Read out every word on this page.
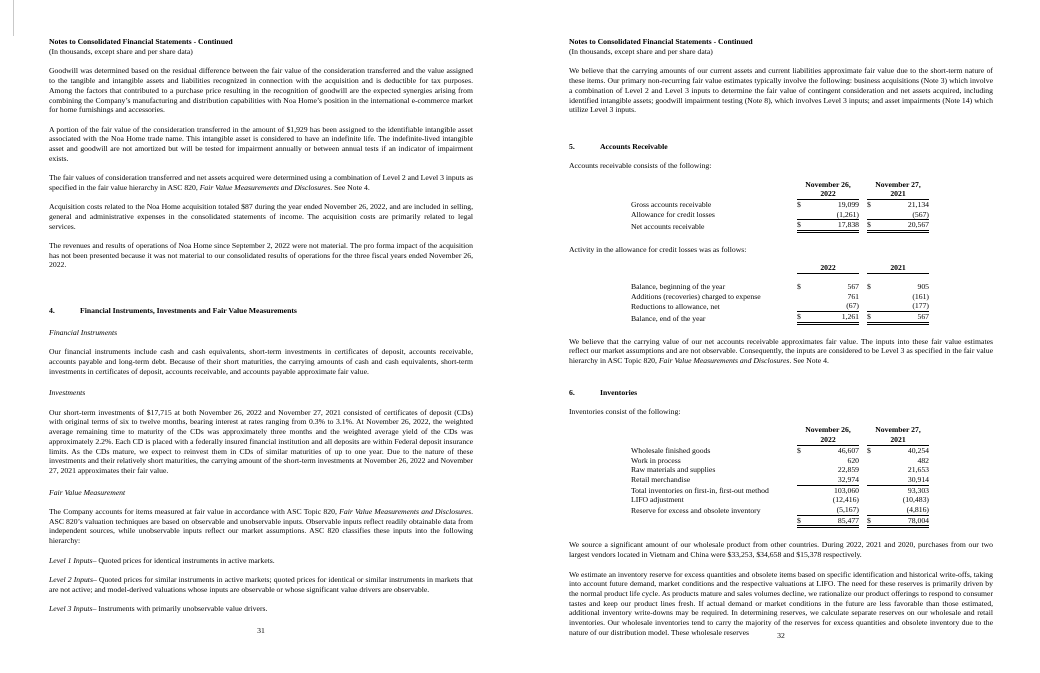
Notes to Consolidated Financial Statements - Continued
(In thousands, except share and per share data)

Goodwill was determined based on the residual difference between the fair value of the consideration transferred and the value assigned to the tangible and intangible assets and liabilities recognized in connection with the acquisition and is deductible for tax purposes. Among the factors that contributed to a purchase price resulting in the recognition of goodwill are the expected synergies arising from combining the Company’s manufacturing and distribution capabilities with Noa Home’s position in the international e-commerce market for home furnishings and accessories.

A portion of the fair value of the consideration transferred in the amount of $1,929 has been assigned to the identifiable intangible asset associated with the Noa Home trade name. This intangible asset is considered to have an indefinite life. The indefinite-lived intangible asset and goodwill are not amortized but will be tested for impairment annually or between annual tests if an indicator of impairment exists.

The fair values of consideration transferred and net assets acquired were determined using a combination of Level 2 and Level 3 inputs as specified in the fair value hierarchy in ASC 820, Fair Value Measurements and Disclosures. See Note 4.

Acquisition costs related to the Noa Home acquisition totaled $87 during the year ended November 26, 2022, and are included in selling, general and administrative expenses in the consolidated statements of income. The acquisition costs are primarily related to legal services.

The revenues and results of operations of Noa Home since September 2, 2022 were not material. The pro forma impact of the acquisition has not been presented because it was not material to our consolidated results of operations for the three fiscal years ended November 26, 2022.

4.	Financial Instruments, Investments and Fair Value Measurements

Financial Instruments

Our financial instruments include cash and cash equivalents, short-term investments in certificates of deposit, accounts receivable, accounts payable and long-term debt. Because of their short maturities, the carrying amounts of cash and cash equivalents, short-term investments in certificates of deposit, accounts receivable, and accounts payable approximate fair value.

Investments

Our short-term investments of $17,715 at both November 26, 2022 and November 27, 2021 consisted of certificates of deposit (CDs) with original terms of six to twelve months, bearing interest at rates ranging from 0.3% to 3.1%. At November 26, 2022, the weighted average remaining time to maturity of the CDs was approximately three months and the weighted average yield of the CDs was approximately 2.2%. Each CD is placed with a federally insured financial institution and all deposits are within Federal deposit insurance limits. As the CDs mature, we expect to reinvest them in CDs of similar maturities of up to one year. Due to the nature of these investments and their relatively short maturities, the carrying amount of the short-term investments at November 26, 2022 and November 27, 2021 approximates their fair value.

Fair Value Measurement

The Company accounts for items measured at fair value in accordance with ASC Topic 820, Fair Value Measurements and Disclosures. ASC 820’s valuation techniques are based on observable and unobservable inputs. Observable inputs reflect readily obtainable data from independent sources, while unobservable inputs reflect our market assumptions. ASC 820 classifies these inputs into the following hierarchy:

Level 1 Inputs– Quoted prices for identical instruments in active markets.

Level 2 Inputs– Quoted prices for similar instruments in active markets; quoted prices for identical or similar instruments in markets that are not active; and model-derived valuations whose inputs are observable or whose significant value drivers are observable.

Level 3 Inputs– Instruments with primarily unobservable value drivers.

31
Notes to Consolidated Financial Statements - Continued
(In thousands, except share and per share data)

We believe that the carrying amounts of our current assets and current liabilities approximate fair value due to the short-term nature of these items. Our primary non-recurring fair value estimates typically involve the following: business acquisitions (Note 3) which involve a combination of Level 2 and Level 3 inputs to determine the fair value of contingent consideration and net assets acquired, including identified intangible assets; goodwill impairment testing (Note 8), which involves Level 3 inputs; and asset impairments (Note 14) which utilize Level 3 inputs.

5.	Accounts Receivable

Accounts receivable consists of the following:

	November 26, 2022			November 27, 2021	
Gross accounts receivable	$	19,099		$	21,134
Allowance for credit losses		(1,261)			(567)
Net accounts receivable	$	17,838		$	20,567

Activity in the allowance for credit losses was as follows:

	2022			2021	

Balance, beginning of the year	$	567		$	905
Additions (recoveries) charged to expense		761			(161)
Reductions to allowance, net		(67)			(177)
Balance, end of the year	$	1,261		$	567

We believe that the carrying value of our net accounts receivable approximates fair value. The inputs into these fair value estimates reflect our market assumptions and are not observable. Consequently, the inputs are considered to be Level 3 as specified in the fair value hierarchy in ASC Topic 820, Fair Value Measurements and Disclosures. See Note 4.

6.	Inventories

Inventories consist of the following:

	November 26, 2022			November 27, 2021	
Wholesale finished goods	$	46,607		$	40,254
Work in process		620			482
Raw materials and supplies		22,859			21,653
Retail merchandise		32,974			30,914
Total inventories on first-in, first-out method		103,060			93,303
LIFO adjustment		(12,416)			(10,483)
Reserve for excess and obsolete inventory		(5,167)			(4,816)
	$	85,477		$	78,004

We source a significant amount of our wholesale product from other countries. During 2022, 2021 and 2020, purchases from our two largest vendors located in Vietnam and China were $33,253, $34,658 and $15,378 respectively.

We estimate an inventory reserve for excess quantities and obsolete items based on specific identification and historical write-offs, taking into account future demand, market conditions and the respective valuations at LIFO. The need for these reserves is primarily driven by the normal product life cycle. As products mature and sales volumes decline, we rationalize our product offerings to respond to consumer tastes and keep our product lines fresh. If actual demand or market conditions in the future are less favorable than those estimated, additional inventory write-downs may be required. In determining reserves, we calculate separate reserves on our wholesale and retail inventories. Our wholesale inventories tend to carry the majority of the reserves for excess quantities and obsolete inventory due to the nature of our distribution model. These wholesale reserves	32
